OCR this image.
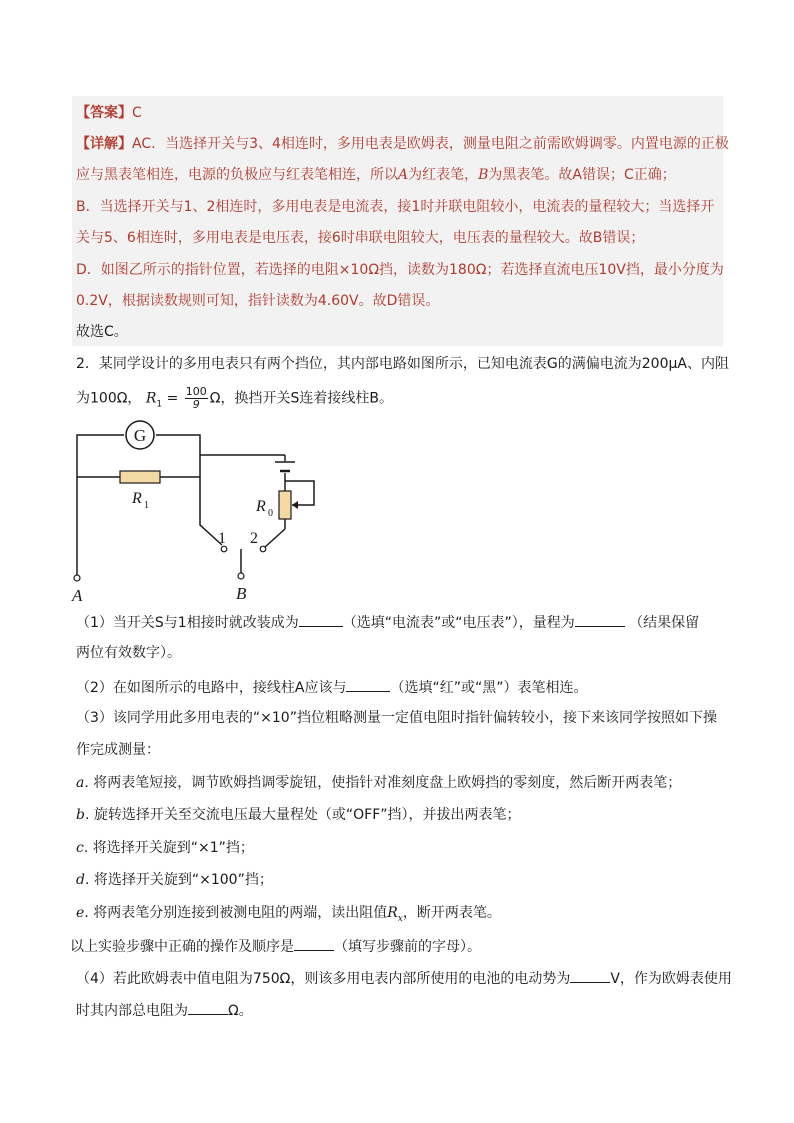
【答案】C
【详解】AC．当选择开关与3、4相连时，多用电表是欧姆表，测量电阻之前需欧姆调零。内置电源的正极
应与黑表笔相连，电源的负极应与红表笔相连，所以A为红表笔，B为黑表笔。故A错误；C正确；
B．当选择开关与1、2相连时，多用电表是电流表，接1时并联电阻较小，电流表的量程较大；当选择开
关与5、6相连时，多用电表是电压表，接6时串联电阻较大，电压表的量程较大。故B错误；
D．如图乙所示的指针位置，若选择的电阻×10Ω挡，读数为180Ω；若选择直流电压10V挡，最小分度为
0.2V，根据读数规则可知，指针读数为4.60V。故D错误。
故选C。
2．某同学设计的多用电表只有两个挡位，其内部电路如图所示，已知电流表G的满偏电流为200μA、内阻
为100Ω， $R_1 = \frac{100}{9}$ Ω，换挡开关S连着接线柱B。
G
R 1	R 0
1 2
A	B
（1）当开关S与1相接时就改装成为	（选填“电流表”或“电压表”），量程为	（结果保留
两位有效数字）。
（2）在如图所示的电路中，接线柱A应该与	（选填“红”或“黑”）表笔相连。
（3）该同学用此多用电表的“×10”挡位粗略测量一定值电阻时指针偏转较小，接下来该同学按照如下操
作完成测量：
a. 将两表笔短接，调节欧姆挡调零旋钮，使指针对准刻度盘上欧姆挡的零刻度，然后断开两表笔；
b. 旋转选择开关至交流电压最大量程处（或“OFF”挡），并拔出两表笔；
c. 将选择开关旋到“×1”挡；
d. 将选择开关旋到“×100”挡；
e. 将两表笔分别连接到被测电阻的两端，读出阻值$R_x$，断开两表笔。
以上实验步骤中正确的操作及顺序是	（填写步骤前的字母）。
（4）若此欧姆表中值电阻为750Ω，则该多用电表内部所使用的电池的电动势为	V，作为欧姆表使用
时其内部总电阻为	Ω。
